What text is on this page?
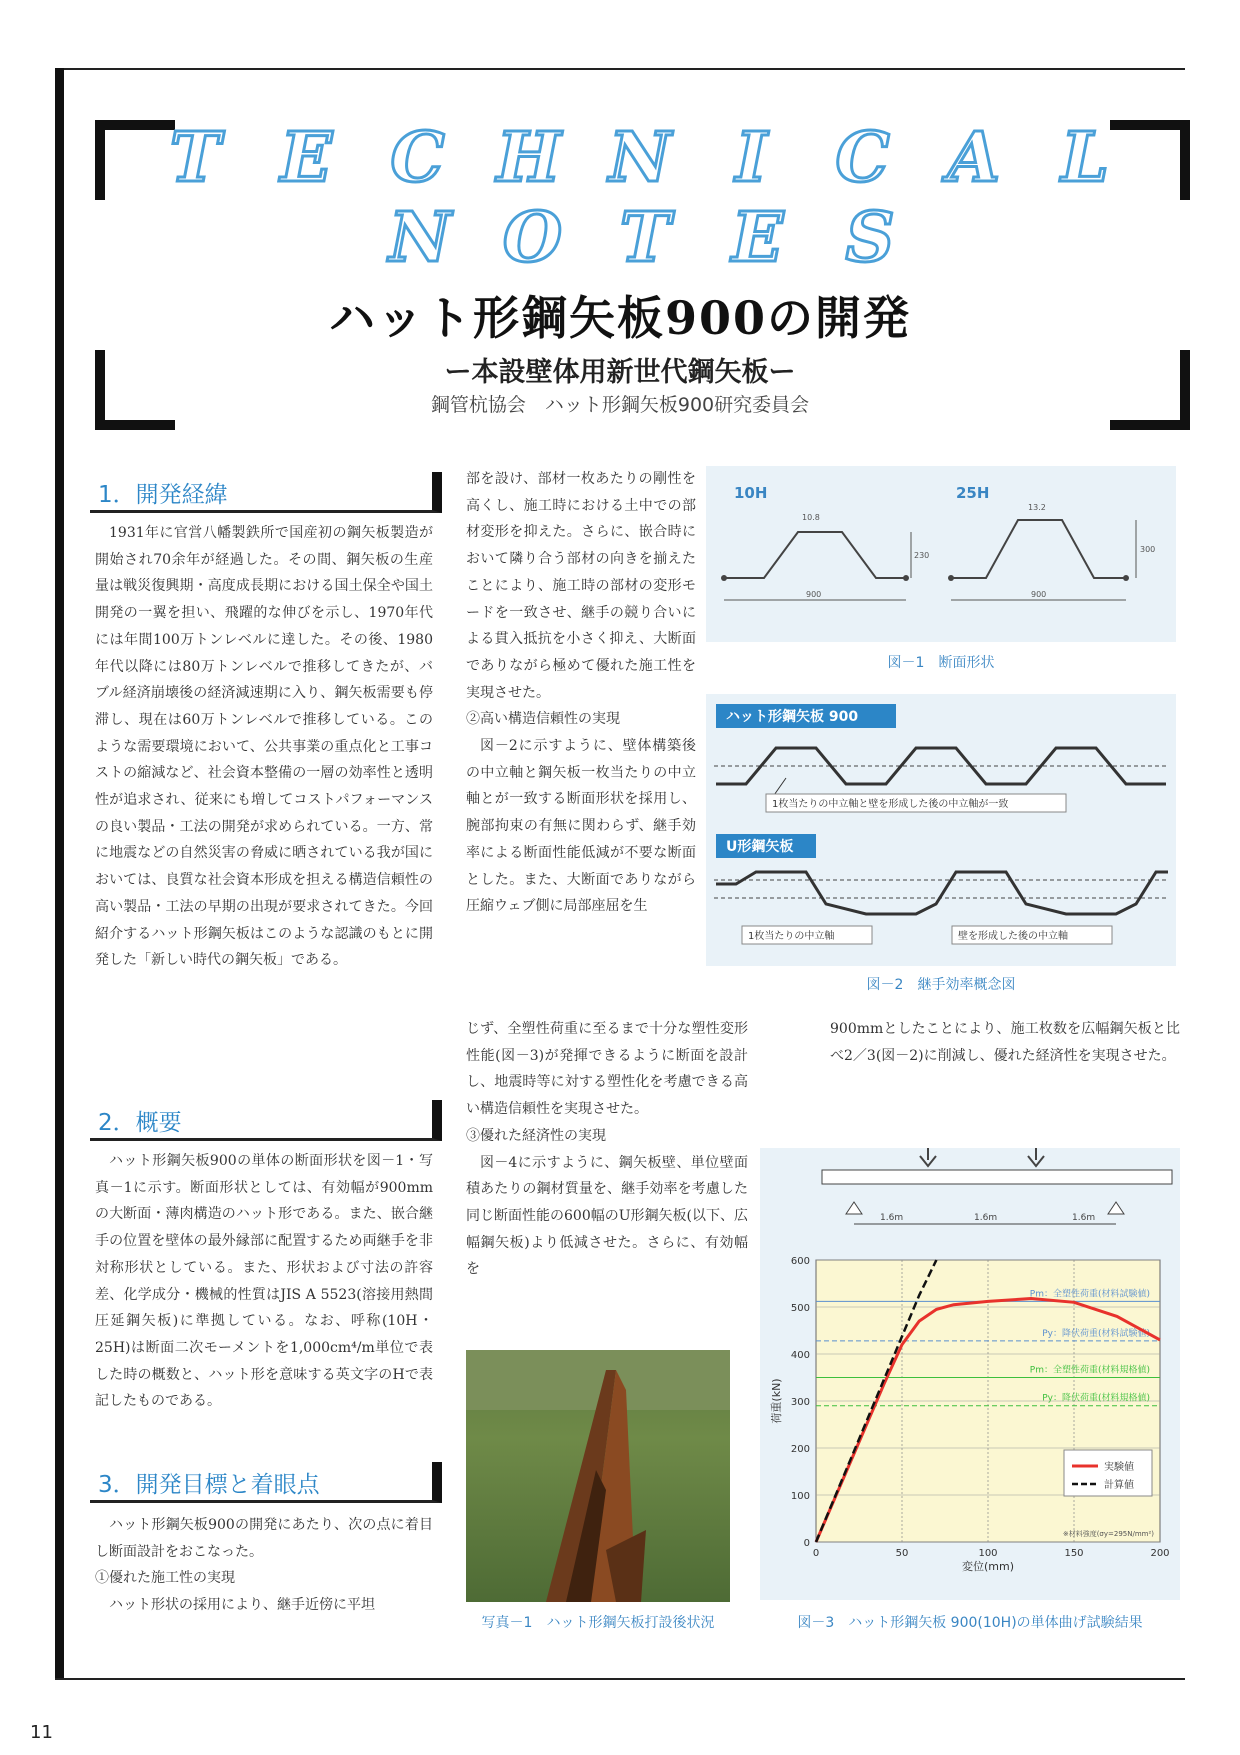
T E C H N I C A L
N O T E S
ハット形鋼矢板900の開発
ー本設壁体用新世代鋼矢板ー
鋼管杭協会　ハット形鋼矢板900研究委員会
1．開発経緯

1931年に官営八幡製鉄所で国産初の鋼矢板製造が開始され70余年が経過した。その間、鋼矢板の生産量は戦災復興期・高度成長期における国土保全や国土開発の一翼を担い、飛躍的な伸びを示し、1970年代には年間100万トンレベルに達した。その後、1980年代以降には80万トンレベルで推移してきたが、バブル経済崩壊後の経済減速期に入り、鋼矢板需要も停滞し、現在は60万トンレベルで推移している。このような需要環境において、公共事業の重点化と工事コストの縮減など、社会資本整備の一層の効率性と透明性が追求され、従来にも増してコストパフォーマンスの良い製品・工法の開発が求められている。一方、常に地震などの自然災害の脅威に晒されている我が国においては、良質な社会資本形成を担える構造信頼性の高い製品・工法の早期の出現が要求されてきた。今回紹介するハット形鋼矢板はこのような認識のもとに開発した「新しい時代の鋼矢板」である。

2．概要

ハット形鋼矢板900の単体の断面形状を図－1・写真－1に示す。断面形状としては、有効幅が900mmの大断面・薄肉構造のハット形である。また、嵌合継手の位置を壁体の最外縁部に配置するため両継手を非対称形状としている。また、形状および寸法の許容差、化学成分・機械的性質はJIS A 5523(溶接用熱間圧延鋼矢板)に準拠している。なお、呼称(10H・25H)は断面二次モーメントを1,000cm⁴/m単位で表した時の概数と、ハット形を意味する英文字のHで表記したものである。

3．開発目標と着眼点

ハット形鋼矢板900の開発にあたり、次の点に着目し断面設計をおこなった。

①優れた施工性の実現

ハット形状の採用により、継手近傍に平坦

部を設け、部材一枚あたりの剛性を高くし、施工時における土中での部材変形を抑えた。さらに、嵌合時において隣り合う部材の向きを揃えたことにより、施工時の部材の変形モードを一致させ、継手の競り合いによる貫入抵抗を小さく抑え、大断面でありながら極めて優れた施工性を実現させた。

②高い構造信頼性の実現

図－2に示すように、壁体構築後の中立軸と鋼矢板一枚当たりの中立軸とが一致する断面形状を採用し、腕部拘束の有無に関わらず、継手効率による断面性能低減が不要な断面とした。また、大断面でありながら圧縮ウェブ側に局部座屈を生

じず、全塑性荷重に至るまで十分な塑性変形性能(図－3)が発揮できるように断面を設計し、地震時等に対する塑性化を考慮できる高い構造信頼性を実現させた。

③優れた経済性の実現

図－4に示すように、鋼矢板壁、単位壁面積あたりの鋼材質量を、継手効率を考慮した同じ断面性能の600幅のU形鋼矢板(以下、広幅鋼矢板)より低減させた。さらに、有効幅を

900mmとしたことにより、施工枚数を広幅鋼矢板と比べ2／3(図－2)に削減し、優れた経済性を実現させた。

10H	25H
900
10.8
230
900
13.2
300
図－1　断面形状
ハット形鋼矢板 900
1枚当たりの中立軸と壁を形成した後の中立軸が一致
U形鋼矢板
1枚当たりの中立軸	壁を形成した後の中立軸
図－2　継手効率概念図
写真－1　ハット形鋼矢板打設後状況
1.6m	1.6m	1.6m
0
100
200
300
400
500
600
0	50	100	150	200
変位(mm)
荷重(kN)
Pm：全塑性荷重(材料試験値)
Py：降伏荷重(材料試験値)
Pm：全塑性荷重(材料規格値)
Py：降伏荷重(材料規格値)
実験値
計算値
※材料強度(σy=295N/mm²)
図－3　ハット形鋼矢板 900(10H)の単体曲げ試験結果
11
